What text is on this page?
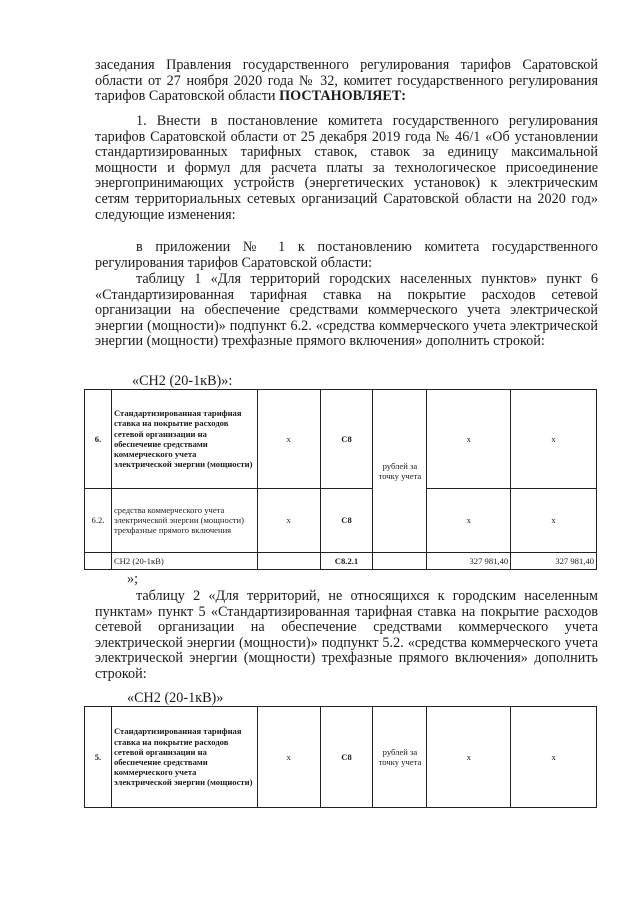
заседания Правления государственного регулирования тарифов Саратовской области от 27 ноября 2020 года № 32, комитет государственного регулирования тарифов Саратовской области ПОСТАНОВЛЯЕТ:

1. Внести в постановление комитета государственного регулирования тарифов Саратовской области от 25 декабря 2019 года № 46/1 «Об установлении стандартизированных тарифных ставок, ставок за единицу максимальной мощности и формул для расчета платы за технологическое присоединение энергопринимающих устройств (энергетических установок) к электрическим сетям территориальных сетевых организаций Саратовской области на 2020 год» следующие изменения:

в приложении № 1 к постановлению комитета государственного регулирования тарифов Саратовской области:

таблицу 1 «Для территорий городских населенных пунктов» пункт 6 «Стандартизированная тарифная ставка на покрытие расходов сетевой организации на обеспечение средствами коммерческого учета электрической энергии (мощности)» подпункт 6.2. «средства коммерческого учета электрической энергии (мощности) трехфазные прямого включения» дополнить строкой:

«СН2 (20-1кВ)»:

6.	Стандартизированная тарифная ставка на покрытие расходов сетевой организации на обеспечение средствами коммерческого учета электрической энергии (мощности)	х	С8	рублей за точку учета	х	х
6.2.	средства коммерческого учета электрической энергии (мощности) трехфазные прямого включения	х	С8		х	х
	СН2 (20-1кВ)		С8.2.1		327 981,40	327 981,40

»;

таблицу 2 «Для территорий, не относящихся к городским населенным пунктам» пункт 5 «Стандартизированная тарифная ставка на покрытие расходов сетевой организации на обеспечение средствами коммерческого учета электрической энергии (мощности)» подпункт 5.2. «средства коммерческого учета электрической энергии (мощности) трехфазные прямого включения» дополнить строкой:

«СН2 (20-1кВ)»

5.	Стандартизированная тарифная ставка на покрытие расходов сетевой организации на обеспечение средствами коммерческого учета электрической энергии (мощности)	х	С8	рублей за точку учета	х	х
